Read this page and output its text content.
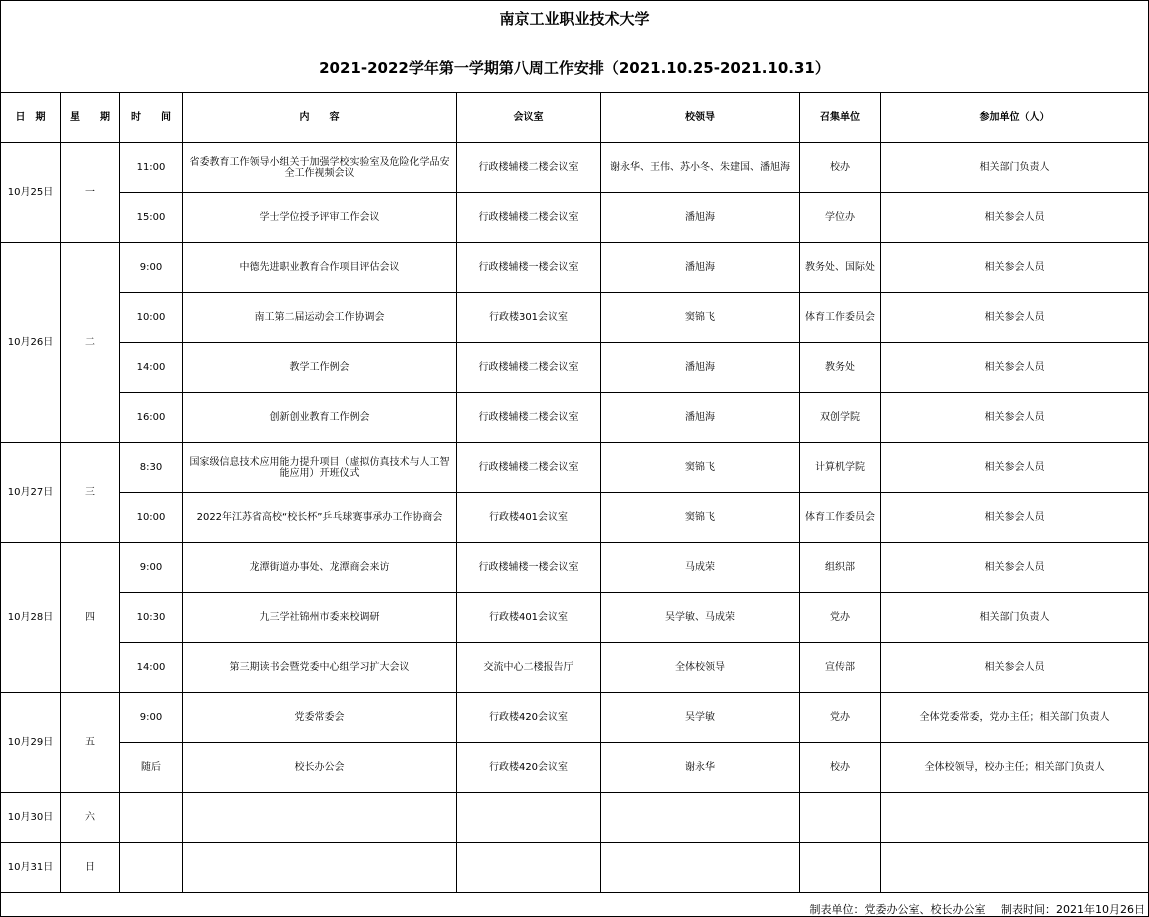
南京工业职业技术大学
2021-2022学年第一学期第八周工作安排（2021.10.25-2021.10.31）
日　期	星　　期	时　　间	内　　容	会议室	校领导	召集单位	参加单位（人）
10月25日	一	11:00	省委教育工作领导小组关于加强学校实验室及危险化学品安全工作视频会议	行政楼辅楼二楼会议室	谢永华、王伟、苏小冬、朱建国、潘旭海	校办	相关部门负责人
		15:00	学士学位授予评审工作会议	行政楼辅楼二楼会议室	潘旭海	学位办	相关参会人员
10月26日	二	9:00	中德先进职业教育合作项目评估会议	行政楼辅楼一楼会议室	潘旭海	教务处、国际处	相关参会人员
		10:00	南工第二届运动会工作协调会	行政楼301会议室	窦锦飞	体育工作委员会	相关参会人员
		14:00	教学工作例会	行政楼辅楼二楼会议室	潘旭海	教务处	相关参会人员
		16:00	创新创业教育工作例会	行政楼辅楼二楼会议室	潘旭海	双创学院	相关参会人员
10月27日	三	8:30	国家级信息技术应用能力提升项目（虚拟仿真技术与人工智能应用）开班仪式	行政楼辅楼二楼会议室	窦锦飞	计算机学院	相关参会人员
		10:00	2022年江苏省高校“校长杯”乒乓球赛事承办工作协商会	行政楼401会议室	窦锦飞	体育工作委员会	相关参会人员
10月28日	四	9:00	龙潭街道办事处、龙潭商会来访	行政楼辅楼一楼会议室	马成荣	组织部	相关参会人员
		10:30	九三学社锦州市委来校调研	行政楼401会议室	吴学敏、马成荣	党办	相关部门负责人
		14:00	第三期读书会暨党委中心组学习扩大会议	交流中心二楼报告厅	全体校领导	宣传部	相关参会人员
10月29日	五	9:00	党委常委会	行政楼420会议室	吴学敏	党办	全体党委常委，党办主任；相关部门负责人
		随后	校长办公会	行政楼420会议室	谢永华	校办	全体校领导，校办主任；相关部门负责人
10月30日	六						
10月31日	日						
制表单位：党委办公室、校长办公室 制表时间：2021年10月26日
